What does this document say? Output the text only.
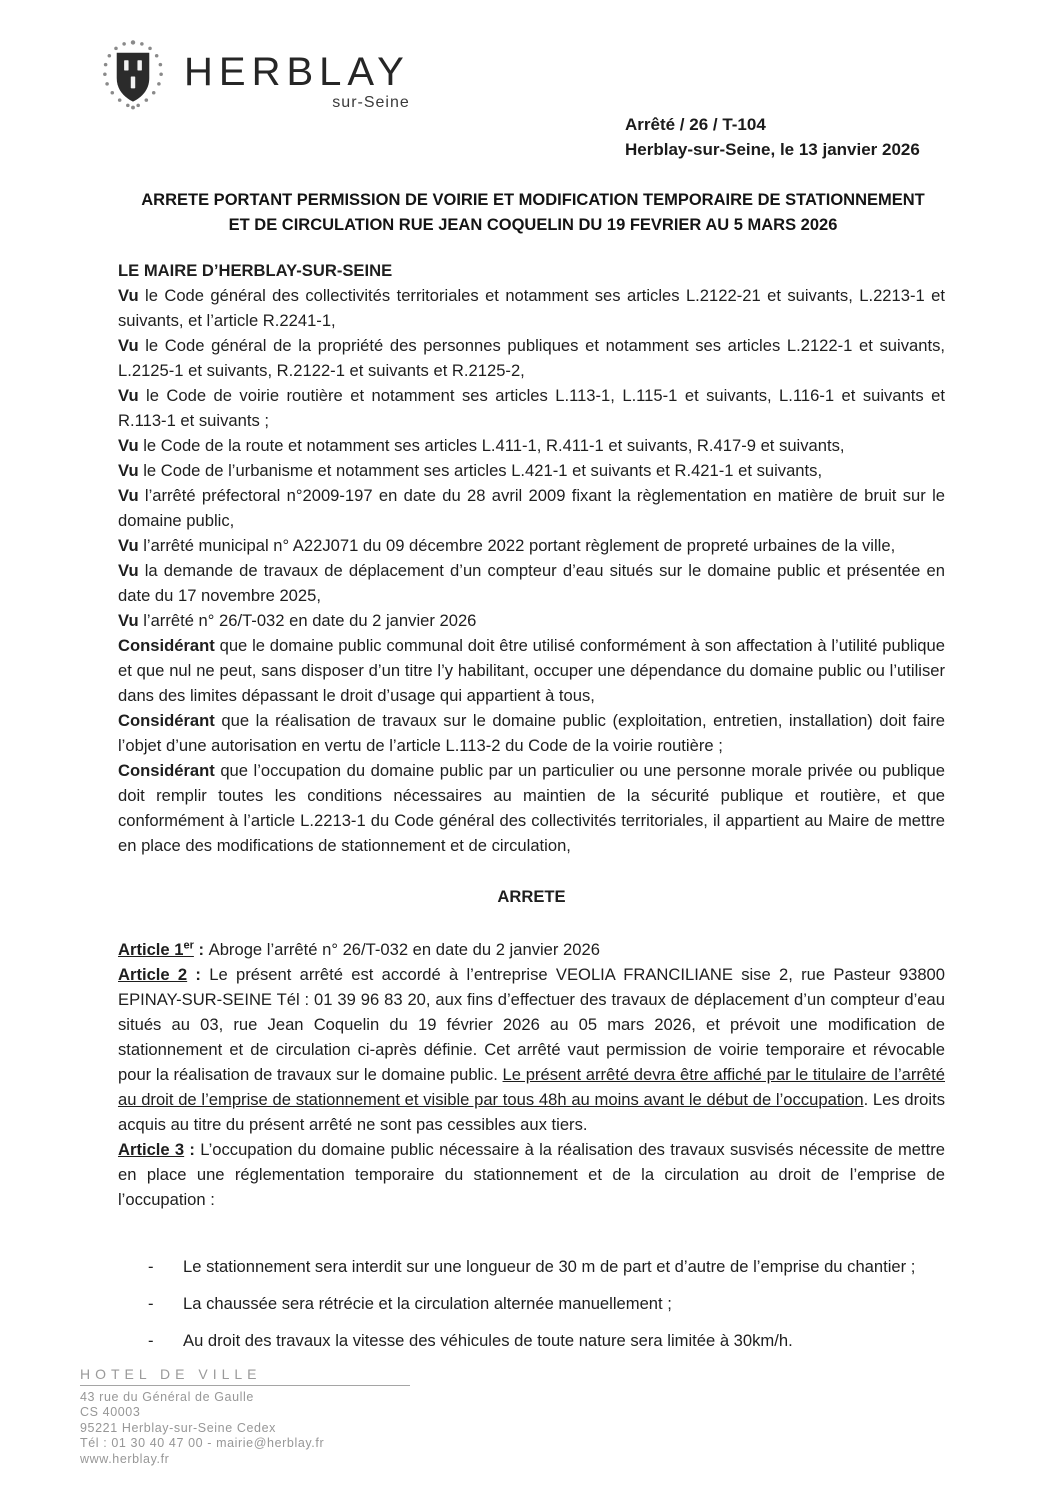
HERBLAY
sur-Seine
Arrêté / 26 / T-104
Herblay-sur-Seine, le 13 janvier 2026
ARRETE PORTANT PERMISSION DE VOIRIE ET MODIFICATION TEMPORAIRE DE STATIONNEMENT
ET DE CIRCULATION RUE JEAN COQUELIN DU 19 FEVRIER AU 5 MARS 2026

LE MAIRE D’HERBLAY-SUR-SEINE

Vu le Code général des collectivités territoriales et notamment ses articles L.2122-21 et suivants, L.2213-1 et suivants, et l’article R.2241-1,

Vu le Code général de la propriété des personnes publiques et notamment ses articles L.2122-1 et suivants, L.2125-1 et suivants, R.2122-1 et suivants et R.2125-2,

Vu le Code de voirie routière et notamment ses articles L.113-1, L.115-1 et suivants, L.116-1 et suivants et R.113-1 et suivants ;

Vu le Code de la route et notamment ses articles L.411-1, R.411-1 et suivants, R.417-9 et suivants,

Vu le Code de l’urbanisme et notamment ses articles L.421-1 et suivants et R.421-1 et suivants,

Vu l’arrêté préfectoral n°2009-197 en date du 28 avril 2009 fixant la règlementation en matière de bruit sur le domaine public,

Vu l’arrêté municipal n° A22J071 du 09 décembre 2022 portant règlement de propreté urbaines de la ville,

Vu la demande de travaux de déplacement d’un compteur d’eau situés sur le domaine public et présentée en date du 17 novembre 2025,

Vu l’arrêté n° 26/T-032 en date du 2 janvier 2026

Considérant que le domaine public communal doit être utilisé conformément à son affectation à l’utilité publique et que nul ne peut, sans disposer d’un titre l’y habilitant, occuper une dépendance du domaine public ou l’utiliser dans des limites dépassant le droit d’usage qui appartient à tous,

Considérant que la réalisation de travaux sur le domaine public (exploitation, entretien, installation) doit faire l’objet d’une autorisation en vertu de l’article L.113-2 du Code de la voirie routière ;

Considérant que l’occupation du domaine public par un particulier ou une personne morale privée ou publique doit remplir toutes les conditions nécessaires au maintien de la sécurité publique et routière, et que conformément à l’article L.2213-1 du Code général des collectivités territoriales, il appartient au Maire de mettre en place des modifications de stationnement et de circulation,

ARRETE

Article 1er : Abroge l’arrêté n° 26/T-032 en date du 2 janvier 2026

Article 2 : Le présent arrêté est accordé à l’entreprise VEOLIA FRANCILIANE sise 2, rue Pasteur 93800 EPINAY-SUR-SEINE Tél : 01 39 96 83 20, aux fins d’effectuer des travaux de déplacement d’un compteur d’eau situés au 03, rue Jean Coquelin du 19 février 2026 au 05 mars 2026, et prévoit une modification de stationnement et de circulation ci-après définie. Cet arrêté vaut permission de voirie temporaire et révocable pour la réalisation de travaux sur le domaine public. Le présent arrêté devra être affiché par le titulaire de l’arrêté au droit de l’emprise de stationnement et visible par tous 48h au moins avant le début de l’occupation. Les droits acquis au titre du présent arrêté ne sont pas cessibles aux tiers.

Article 3 : L’occupation du domaine public nécessaire à la réalisation des travaux susvisés nécessite de mettre en place une réglementation temporaire du stationnement et de la circulation au droit de l’emprise de l’occupation :

- Le stationnement sera interdit sur une longueur de 30 m de part et d’autre de l’emprise du chantier ;
- La chaussée sera rétrécie et la circulation alternée manuellement ;
- Au droit des travaux la vitesse des véhicules de toute nature sera limitée à 30km/h.
HOTEL DE VILLE
43 rue du Général de Gaulle
CS 40003
95221 Herblay-sur-Seine Cedex
Tél : 01 30 40 47 00 - mairie@herblay.fr
www.herblay.fr
